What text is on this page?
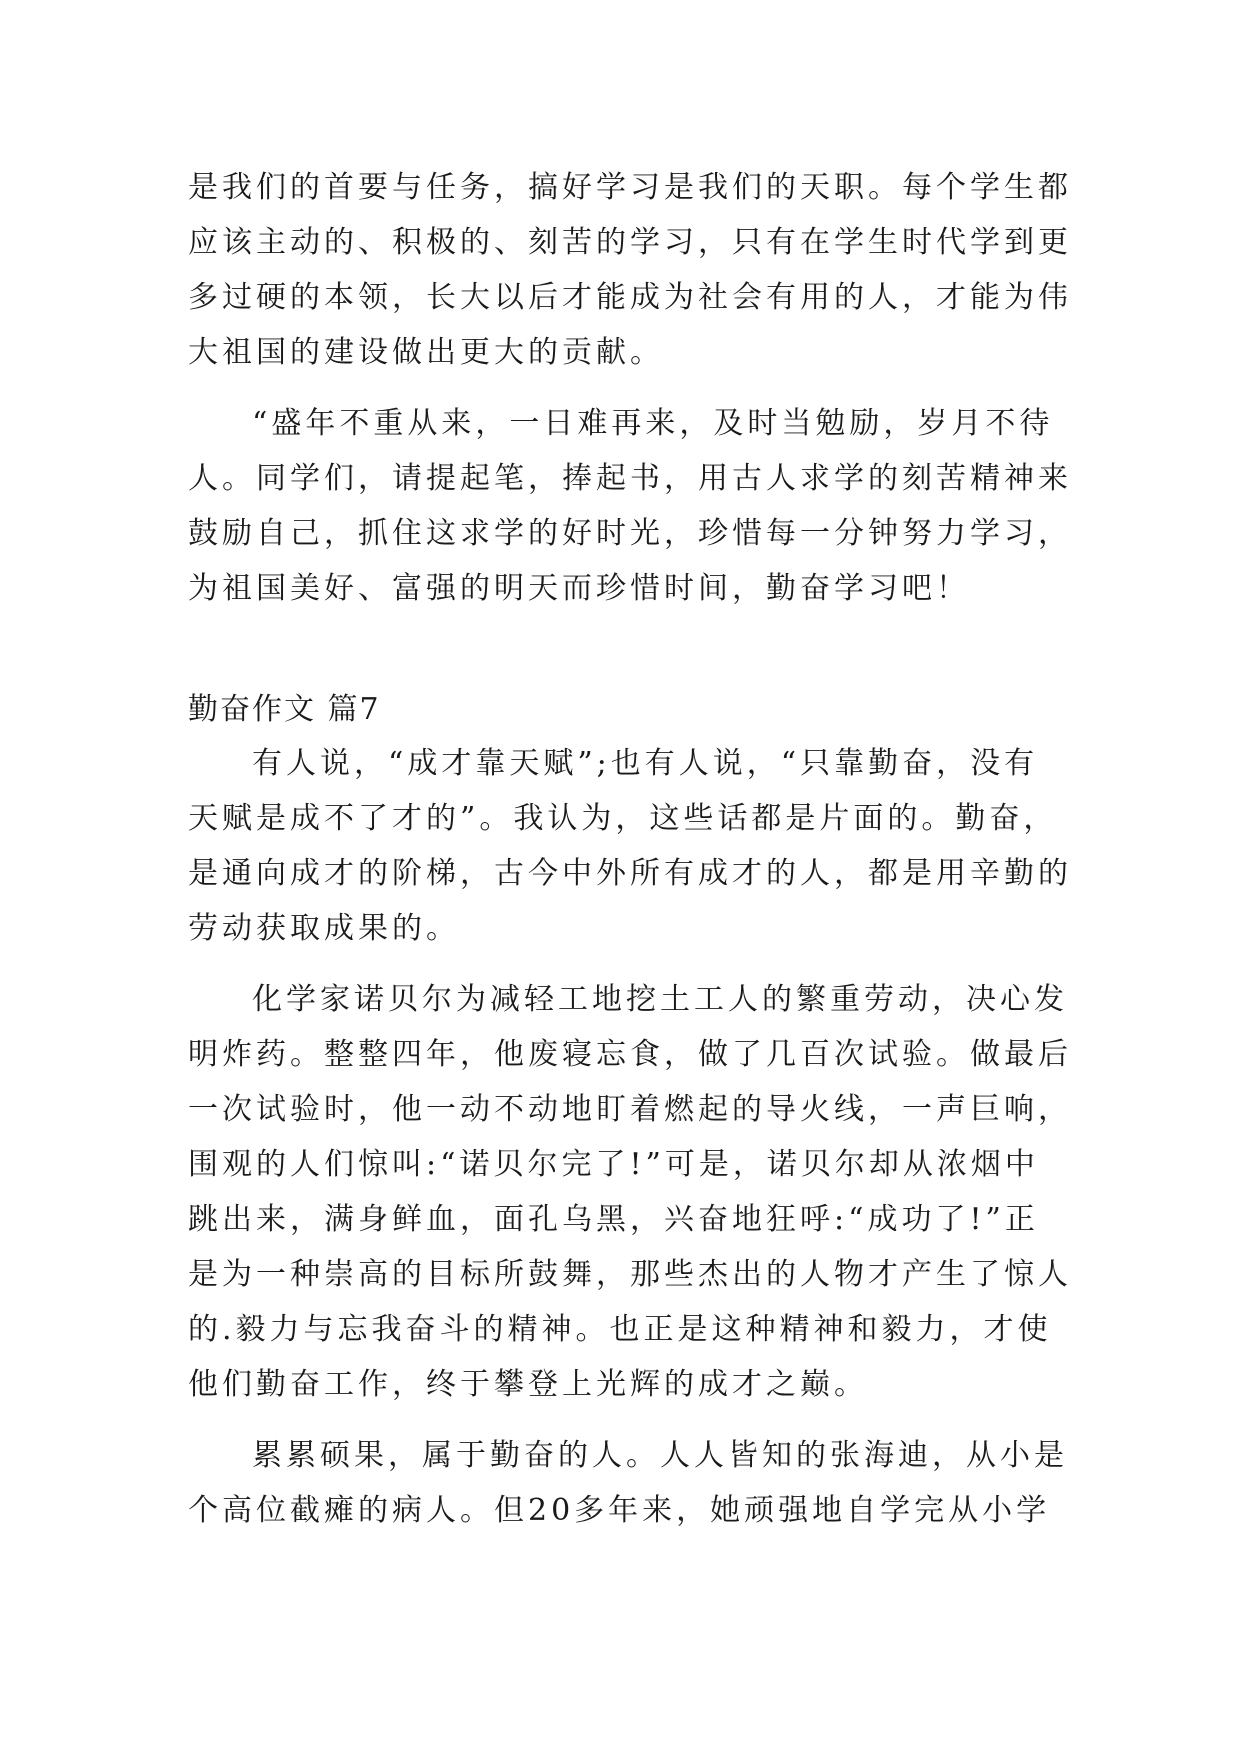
是我们的首要与任务，搞好学习是我们的天职。每个学生都
应该主动的、积极的、刻苦的学习，只有在学生时代学到更
多过硬的本领，长大以后才能成为社会有用的人，才能为伟
大祖国的建设做出更大的贡献。
“盛年不重从来，一日难再来，及时当勉励，岁月不待
人。同学们，请提起笔，捧起书，用古人求学的刻苦精神来
鼓励自己，抓住这求学的好时光，珍惜每一分钟努力学习，
为祖国美好、富强的明天而珍惜时间，勤奋学习吧！
勤奋作文 篇7
有人说，“成才靠天赋”;也有人说，“只靠勤奋，没有
天赋是成不了才的”。我认为，这些话都是片面的。勤奋，
是通向成才的阶梯，古今中外所有成才的人，都是用辛勤的
劳动获取成果的。
化学家诺贝尔为减轻工地挖土工人的繁重劳动，决心发
明炸药。整整四年，他废寝忘食，做了几百次试验。做最后
一次试验时，他一动不动地盯着燃起的导火线，一声巨响，
围观的人们惊叫:“诺贝尔完了!”可是，诺贝尔却从浓烟中
跳出来，满身鲜血，面孔乌黑，兴奋地狂呼:“成功了!”正
是为一种崇高的目标所鼓舞，那些杰出的人物才产生了惊人
的.毅力与忘我奋斗的精神。也正是这种精神和毅力，才使
他们勤奋工作，终于攀登上光辉的成才之巅。
累累硕果，属于勤奋的人。人人皆知的张海迪，从小是
个高位截瘫的病人。但20多年来，她顽强地自学完从小学
